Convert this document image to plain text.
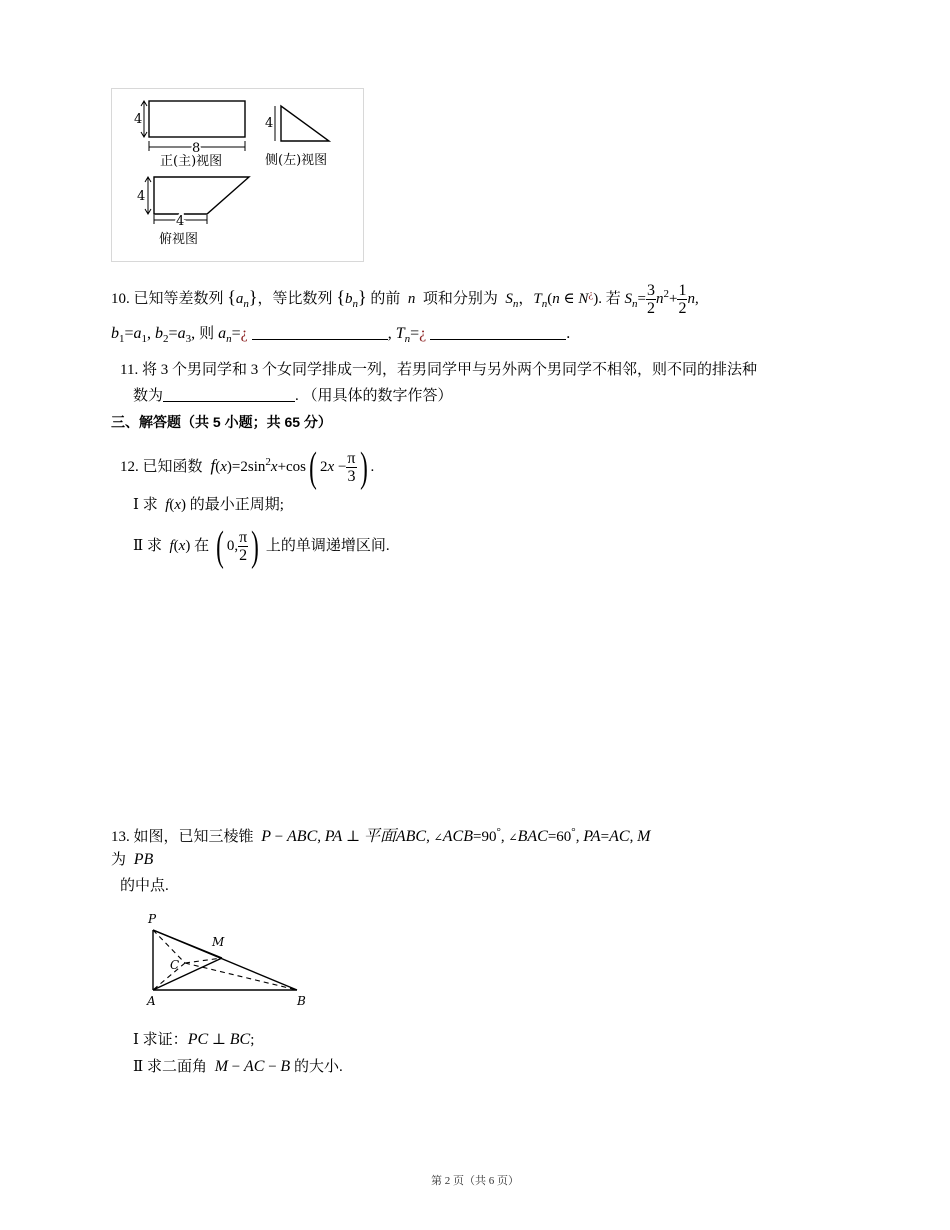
4
8
正(主)视图
4
侧(左)视图
4
4
俯视图
10. 已知等差数列 $\{a_n\}$，等比数列 $\{b_n\}$ 的前  n  项和分别为  $S_n$，$T_n(n$ ∈ N¿). 若 $S_n= \frac{3}{2} n^2+ \frac{1}{2} n$,
$b_1=a_1$, $b_2=a_3$, 则 $a_n=¿$	, $T_n=¿$	.
11. 将 3 个男同学和 3 个女同学排成一列，若男同学甲与另外两个男同学不相邻，则不同的排法种
数为	. （用具体的数字作答）
三、解答题（共 5 小题；共 65 分）
12. 已知函数  $f(x)=2\sin^2x+\cos$( $2x - \frac{\pi}{3}$ ) .
Ⅰ 求  f(x) 的最小正周期;
Ⅱ 求  f(x) 在 ( 0, $\frac{\pi}{2}$ ) 上的单调递增区间.
13. 如图，已知三棱锥  P − ABC, PA ⊥ 平面ABC, ∠ACB=90°, ∠BAC=60°, PA=AC, M
为  PB
的中点.
P
M
C
A	B
Ⅰ 求证：PC ⊥ BC;
Ⅱ 求二面角  M − AC − B 的大小.
第 2 页（共 6 页）
